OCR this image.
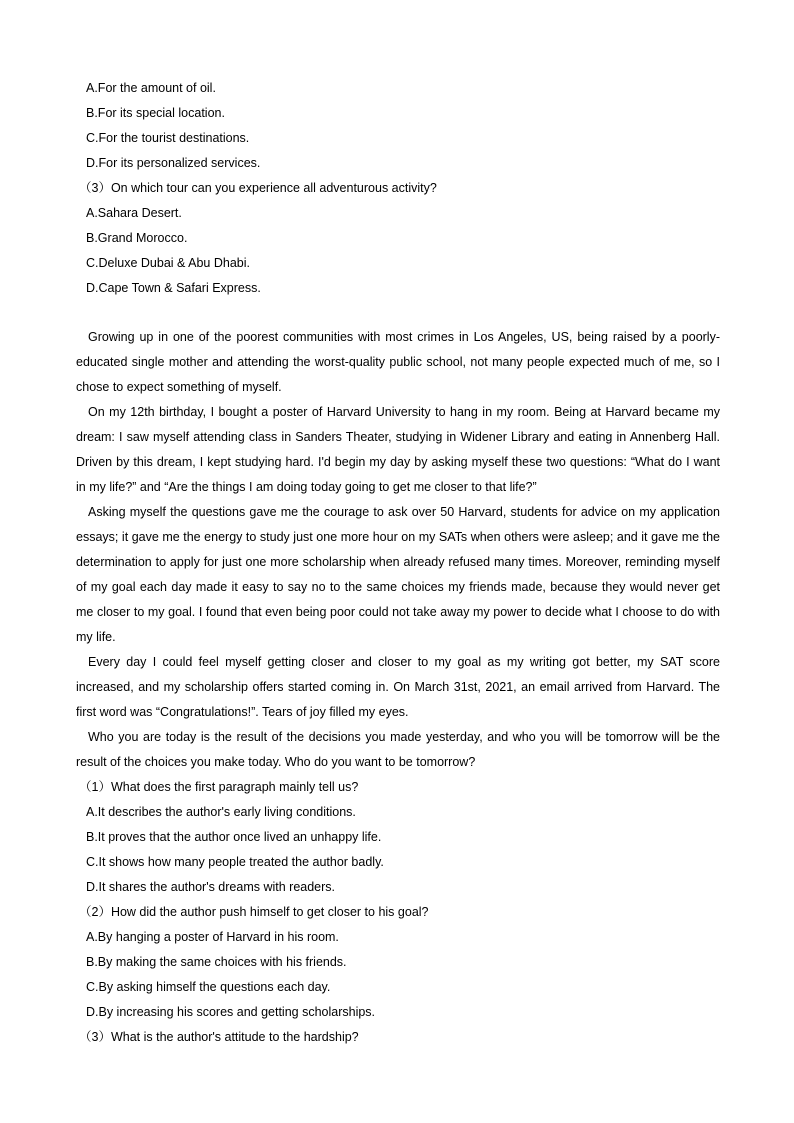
A.For the amount of oil.
B.For its special location.
C.For the tourist destinations.
D.For its personalized services.
（3）On which tour can you experience all adventurous activity?
A.Sahara Desert.
B.Grand Morocco.
C.Deluxe Dubai & Abu Dhabi.
D.Cape Town & Safari Express.
Growing up in one of the poorest communities with most crimes in Los Angeles, US, being raised by a poorly-educated single mother and attending the worst-quality public school, not many people expected much of me, so I chose to expect something of myself.
On my 12th birthday, I bought a poster of Harvard University to hang in my room. Being at Harvard became my dream: I saw myself attending class in Sanders Theater, studying in Widener Library and eating in Annenberg Hall. Driven by this dream, I kept studying hard. I'd begin my day by asking myself these two questions: “What do I want in my life?” and “Are the things I am doing today going to get me closer to that life?”
Asking myself the questions gave me the courage to ask over 50 Harvard, students for advice on my application essays; it gave me the energy to study just one more hour on my SATs when others were asleep; and it gave me the determination to apply for just one more scholarship when already refused many times. Moreover, reminding myself of my goal each day made it easy to say no to the same choices my friends made, because they would never get me closer to my goal. I found that even being poor could not take away my power to decide what I choose to do with my life.
Every day I could feel myself getting closer and closer to my goal as my writing got better, my SAT score increased, and my scholarship offers started coming in. On March 31st, 2021, an email arrived from Harvard. The first word was “Congratulations!”. Tears of joy filled my eyes.
Who you are today is the result of the decisions you made yesterday, and who you will be tomorrow will be the result of the choices you make today. Who do you want to be tomorrow?
（1）What does the first paragraph mainly tell us?
A.It describes the author's early living conditions.
B.It proves that the author once lived an unhappy life.
C.It shows how many people treated the author badly.
D.It shares the author's dreams with readers.
（2）How did the author push himself to get closer to his goal?
A.By hanging a poster of Harvard in his room.
B.By making the same choices with his friends.
C.By asking himself the questions each day.
D.By increasing his scores and getting scholarships.
（3）What is the author's attitude to the hardship?
